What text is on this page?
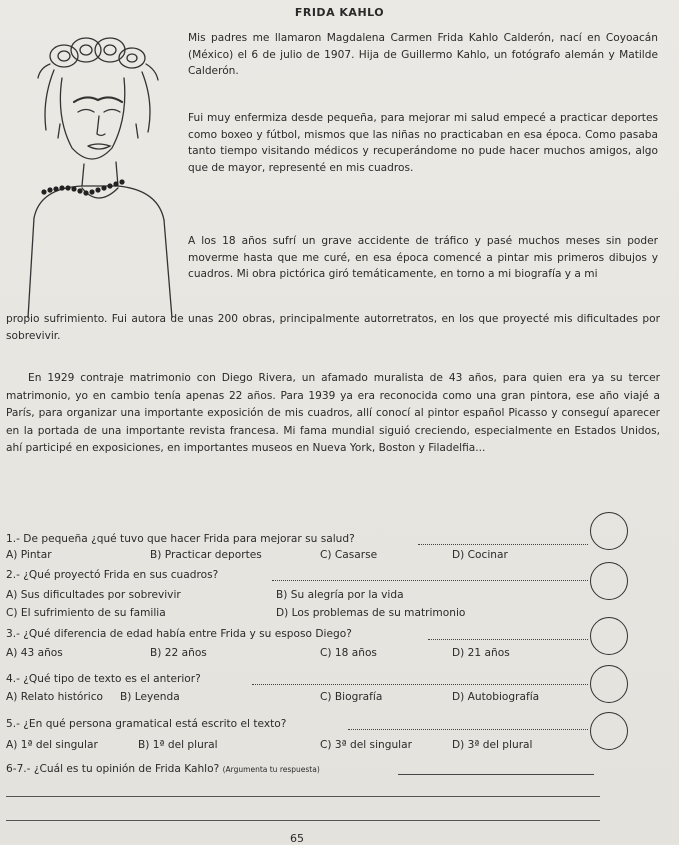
FRIDA KAHLO
Mis padres me llamaron Magdalena Carmen Frida Kahlo Calderón, nací en Coyoacán (México) el 6 de julio de 1907. Hija de Guillermo Kahlo, un fotógrafo alemán y Matilde Calderón.
Fui muy enfermiza desde pequeña, para mejorar mi salud empecé a practicar deportes como boxeo y fútbol, mismos que las niñas no practicaban en esa época. Como pasaba tanto tiempo visitando médicos y recuperándome no pude hacer muchos amigos, algo que de mayor, representé en mis cuadros.
A los 18 años sufrí un grave accidente de tráfico y pasé muchos meses sin poder moverme hasta que me curé, en esa época comencé a pintar mis primeros dibujos y cuadros. Mi obra pictórica giró temáticamente, en torno a mi biografía y a mi
propio sufrimiento. Fui autora de unas 200 obras, principalmente autorretratos, en los que proyecté mis dificultades por sobrevivir.
En 1929 contraje matrimonio con Diego Rivera, un afamado muralista de 43 años, para quien era ya su tercer matrimonio, yo en cambio tenía apenas 22 años. Para 1939 ya era reconocida como una gran pintora, ese año viajé a París, para organizar una importante exposición de mis cuadros, allí conocí al pintor español Picasso y conseguí aparecer en la portada de una importante revista francesa. Mi fama mundial siguió creciendo, especialmente en Estados Unidos, ahí participé en exposiciones, en importantes museos en Nueva York, Boston y Filadelfia...
1.- De pequeña ¿qué tuvo que hacer Frida para mejorar su salud?
A) Pintar	B) Practicar deportes	C) Casarse	D) Cocinar
2.- ¿Qué proyectó Frida en sus cuadros?
A) Sus dificultades por sobrevivir	B) Su alegría por la vida
C) El sufrimiento de su familia	D) Los problemas de su matrimonio
3.- ¿Qué diferencia de edad había entre Frida y su esposo Diego?
A) 43 años	B) 22 años	C) 18 años	D) 21 años
4.- ¿Qué tipo de texto es el anterior?
A) Relato histórico B) Leyenda	C) Biografía	D) Autobiografía
5.- ¿En qué persona gramatical está escrito el texto?
A) 1ª del singular	B) 1ª del plural	C) 3ª del singular	D) 3ª del plural
6-7.- ¿Cuál es tu opinión de Frida Kahlo? (Argumenta tu respuesta)
65
